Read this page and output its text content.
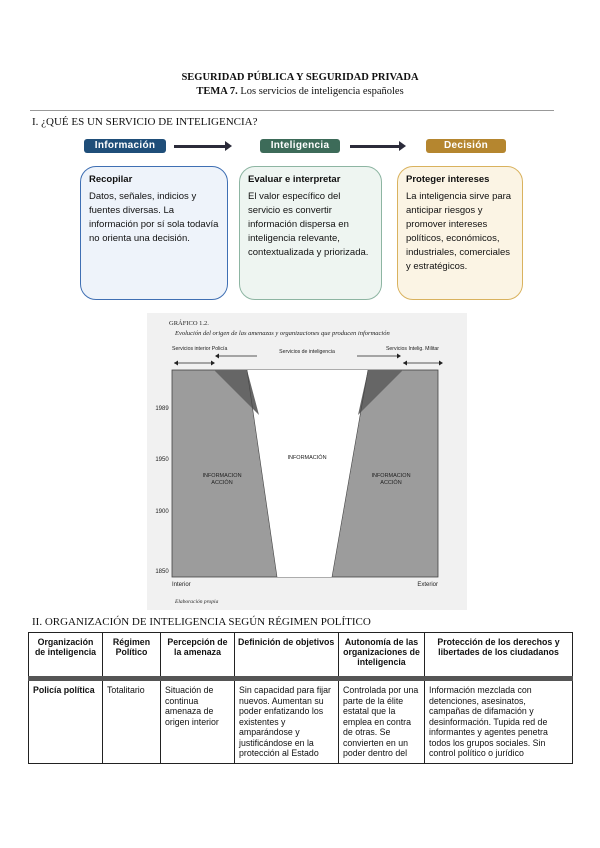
SEGURIDAD PÚBLICA Y SEGURIDAD PRIVADA
TEMA 7. Los servicios de inteligencia españoles
I. ¿QUÉ ES UN SERVICIO DE INTELIGENCIA?
Información	Inteligencia	Decisión
Recopilar

Datos, señales, indicios y fuentes diversas. La información por sí sola todavía no orienta una decisión.

Evaluar e interpretar

El valor específico del servicio es convertir información dispersa en inteligencia relevante, contextualizada y priorizada.

Proteger intereses

La inteligencia sirve para anticipar riesgos y promover intereses políticos, económicos, industriales, comerciales y estratégicos.

GRÁFICO 1.2.
Evolución del origen de las amenazas y organizaciones que producen información
Servicios interior Policía	Servicios de inteligencia	Servicios Intelig. Militar
1989
1950
1900
1850
INFORMACIÓN ACCIÓN
INFORMACIÓN
INFORMACIÓN ACCIÓN
Interior	Exterior
Elaboración propia
II. ORGANIZACIÓN DE INTELIGENCIA SEGÚN RÉGIMEN POLÍTICO
Organización de inteligencia	Régimen Político	Percepción de la amenaza	Definición de objetivos	Autonomía de las organizaciones de inteligencia	Protección de los derechos y libertades de los ciudadanos
Policía política	Totalitario	Situación de continua amenaza de origen interior	Sin capacidad para fijar nuevos. Aumentan su poder enfatizando los existentes y amparándose y justificándose en la protección al Estado	Controlada por una parte de la élite estatal que la emplea en contra de otras. Se convierten en un poder dentro del	Información mezclada con detenciones, asesinatos, campañas de difamación y desinformación. Tupida red de informantes y agentes penetra todos los grupos sociales. Sin control político o jurídico
